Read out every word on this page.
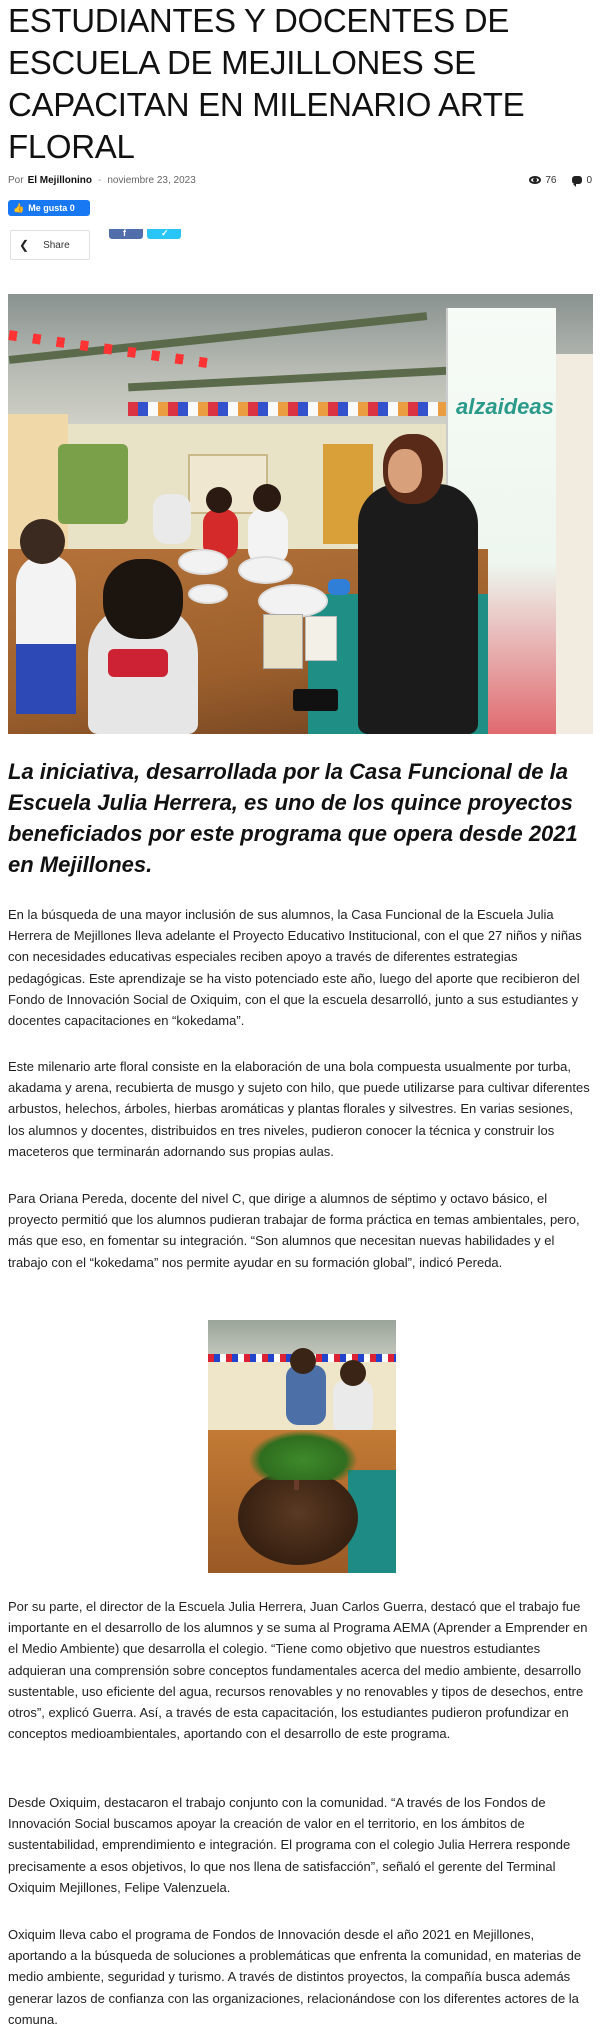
ESTUDIANTES Y DOCENTES DE ESCUELA DE MEJILLONES SE CAPACITAN EN MILENARIO ARTE FLORAL
Por El Mejillonino - noviembre 23, 2023	76	0
👍 Me gusta 0
❮ Share
f	✓
alzaideas

La iniciativa, desarrollada por la Casa Funcional de la Escuela Julia Herrera, es uno de los quince proyectos beneficiados por este programa que opera desde 2021 en Mejillones.

En la búsqueda de una mayor inclusión de sus alumnos, la Casa Funcional de la Escuela Julia Herrera de Mejillones lleva adelante el Proyecto Educativo Institucional, con el que 27 niños y niñas con necesidades educativas especiales reciben apoyo a través de diferentes estrategias pedagógicas. Este aprendizaje se ha visto potenciado este año, luego del aporte que recibieron del Fondo de Innovación Social de Oxiquim, con el que la escuela desarrolló, junto a sus estudiantes y docentes capacitaciones en “kokedama”.

Este milenario arte floral consiste en la elaboración de una bola compuesta usualmente por turba, akadama y arena, recubierta de musgo y sujeto con hilo, que puede utilizarse para cultivar diferentes arbustos, helechos, árboles, hierbas aromáticas y plantas florales y silvestres. En varias sesiones, los alumnos y docentes, distribuidos en tres niveles, pudieron conocer la técnica y construir los maceteros que terminarán adornando sus propias aulas.

Para Oriana Pereda, docente del nivel C, que dirige a alumnos de séptimo y octavo básico, el proyecto permitió que los alumnos pudieran trabajar de forma práctica en temas ambientales, pero, más que eso, en fomentar su integración. “Son alumnos que necesitan nuevas habilidades y el trabajo con el “kokedama” nos permite ayudar en su formación global”, indicó Pereda.

Por su parte, el director de la Escuela Julia Herrera, Juan Carlos Guerra, destacó que el trabajo fue importante en el desarrollo de los alumnos y se suma al Programa AEMA (Aprender a Emprender en el Medio Ambiente) que desarrolla el colegio. “Tiene como objetivo que nuestros estudiantes adquieran una comprensión sobre conceptos fundamentales acerca del medio ambiente, desarrollo sustentable, uso eficiente del agua, recursos renovables y no renovables y tipos de desechos, entre otros”, explicó Guerra. Así, a través de esta capacitación, los estudiantes pudieron profundizar en conceptos medioambientales, aportando con el desarrollo de este programa.

Desde Oxiquim, destacaron el trabajo conjunto con la comunidad. “A través de los Fondos de Innovación Social buscamos apoyar la creación de valor en el territorio, en los ámbitos de sustentabilidad, emprendimiento e integración. El programa con el colegio Julia Herrera responde precisamente a esos objetivos, lo que nos llena de satisfacción”, señaló el gerente del Terminal Oxiquim Mejillones, Felipe Valenzuela.

Oxiquim lleva cabo el programa de Fondos de Innovación desde el año 2021 en Mejillones, aportando a la búsqueda de soluciones a problemáticas que enfrenta la comunidad, en materias de medio ambiente, seguridad y turismo. A través de distintos proyectos, la compañía busca además generar lazos de confianza con las organizaciones, relacionándose con los diferentes actores de la comuna.
